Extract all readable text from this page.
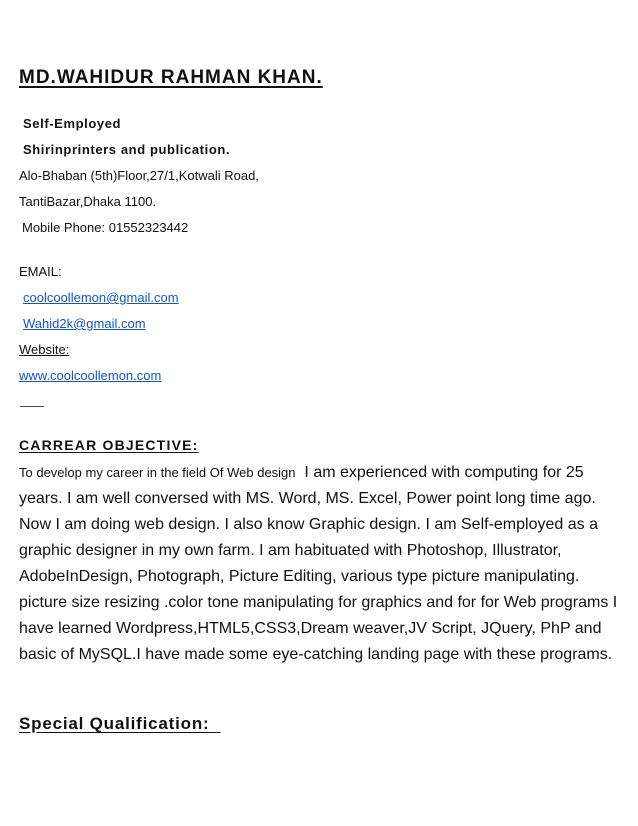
MD.WAHIDUR RAHMAN KHAN.
Self-Employed
Shirinprinters and publication.
Alo-Bhaban (5th)Floor,27/1,Kotwali Road,
TantiBazar,Dhaka 1100.
Mobile Phone: 01552323442
EMAIL:
coolcoollemon@gmail.com
Wahid2k@gmail.com
Website:
www.coolcoollemon.com
CARREAR OBJECTIVE:
To develop my career in the field Of Web design I am experienced with computing for 25 years. I am well conversed with MS. Word, MS. Excel, Power point long time ago. Now I am doing web design. I also know Graphic design. I am Self-employed as a graphic designer in my own farm. I am habituated with Photoshop, Illustrator, AdobeInDesign, Photograph, Picture Editing, various type picture manipulating. picture size resizing .color tone manipulating for graphics and for for Web programs I have learned Wordpress,HTML5,CSS3,Dream weaver,JV Script, JQuery, PhP and basic of MySQL.I have made some eye-catching landing page with these programs.
Special Qualification:
